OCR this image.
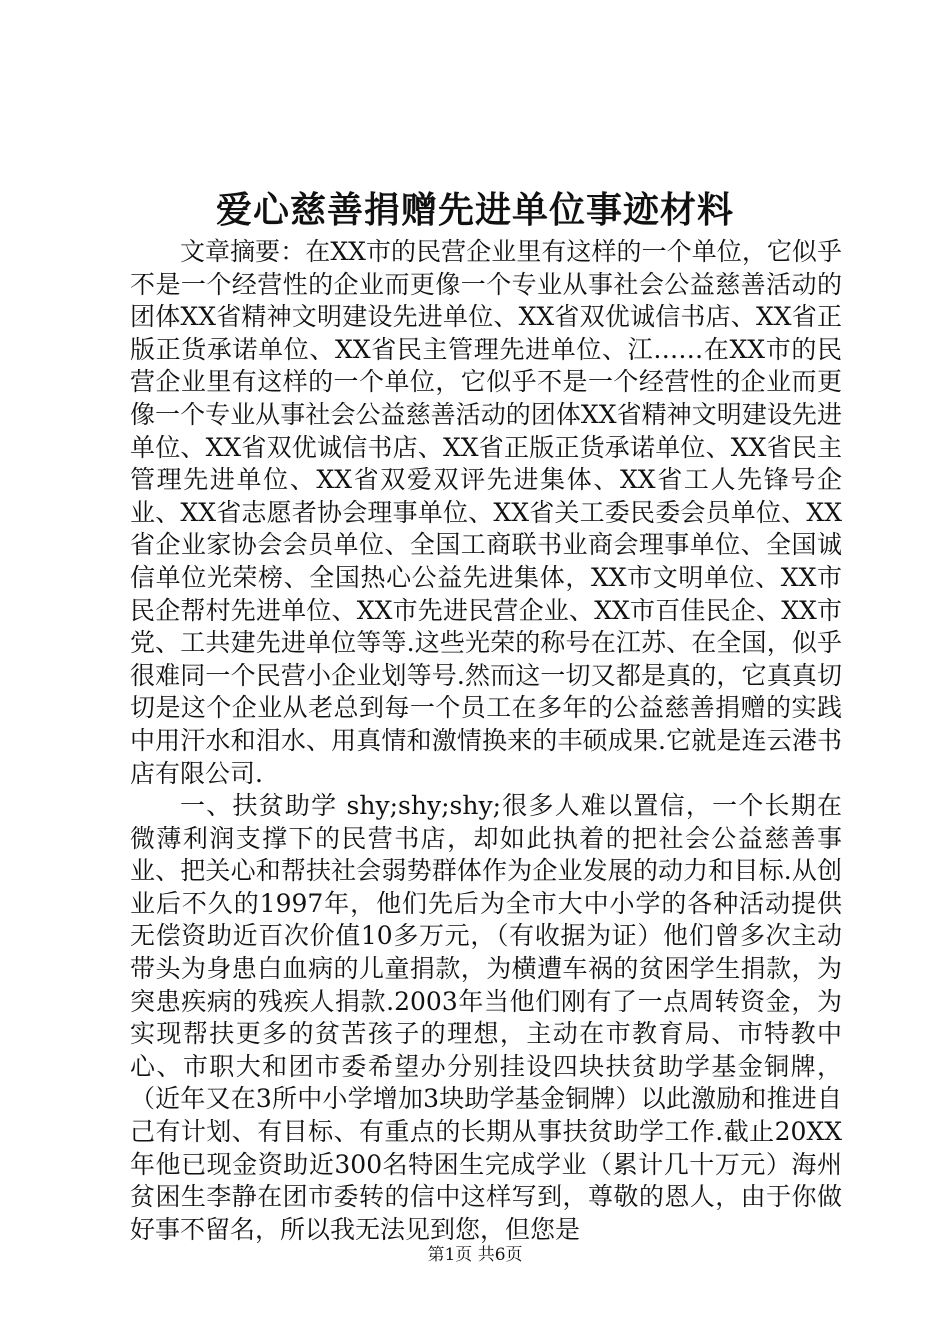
爱心慈善捐赠先进单位事迹材料

文章摘要：在XX市的民营企业里有这样的一个单位，它似乎不是一个经营性的企业而更像一个专业从事社会公益慈善活动的团体XX省精神文明建设先进单位、XX省双优诚信书店、XX省正版正货承诺单位、XX省民主管理先进单位、江……在XX市的民营企业里有这样的一个单位，它似乎不是一个经营性的企业而更像一个专业从事社会公益慈善活动的团体XX省精神文明建设先进单位、XX省双优诚信书店、XX省正版正货承诺单位、XX省民主管理先进单位、XX省双爱双评先进集体、XX省工人先锋号企业、XX省志愿者协会理事单位、XX省关工委民委会员单位、XX省企业家协会会员单位、全国工商联书业商会理事单位、全国诚信单位光荣榜、全国热心公益先进集体，XX市文明单位、XX市民企帮村先进单位、XX市先进民营企业、XX市百佳民企、XX市党、工共建先进单位等等.这些光荣的称号在江苏、在全国，似乎很难同一个民营小企业划等号.然而这一切又都是真的，它真真切切是这个企业从老总到每一个员工在多年的公益慈善捐赠的实践中用汗水和泪水、用真情和激情换来的丰硕成果.它就是连云港书店有限公司.

一、扶贫助学 shy;shy;shy;很多人难以置信，一个长期在微薄利润支撑下的民营书店，却如此执着的把社会公益慈善事业、把关心和帮扶社会弱势群体作为企业发展的动力和目标.从创业后不久的1997年，他们先后为全市大中小学的各种活动提供无偿资助近百次价值10多万元，（有收据为证）他们曾多次主动带头为身患白血病的儿童捐款，为横遭车祸的贫困学生捐款，为突患疾病的残疾人捐款.2003年当他们刚有了一点周转资金，为实现帮扶更多的贫苦孩子的理想，主动在市教育局、市特教中心、市职大和团市委希望办分别挂设四块扶贫助学基金铜牌，（近年又在3所中小学增加3块助学基金铜牌）以此激励和推进自己有计划、有目标、有重点的长期从事扶贫助学工作.截止20XX年他已现金资助近300名特困生完成学业（累计几十万元）海州贫困生李静在团市委转的信中这样写到，尊敬的恩人，由于你做好事不留名，所以我无法见到您，但您是

第1页 共6页
